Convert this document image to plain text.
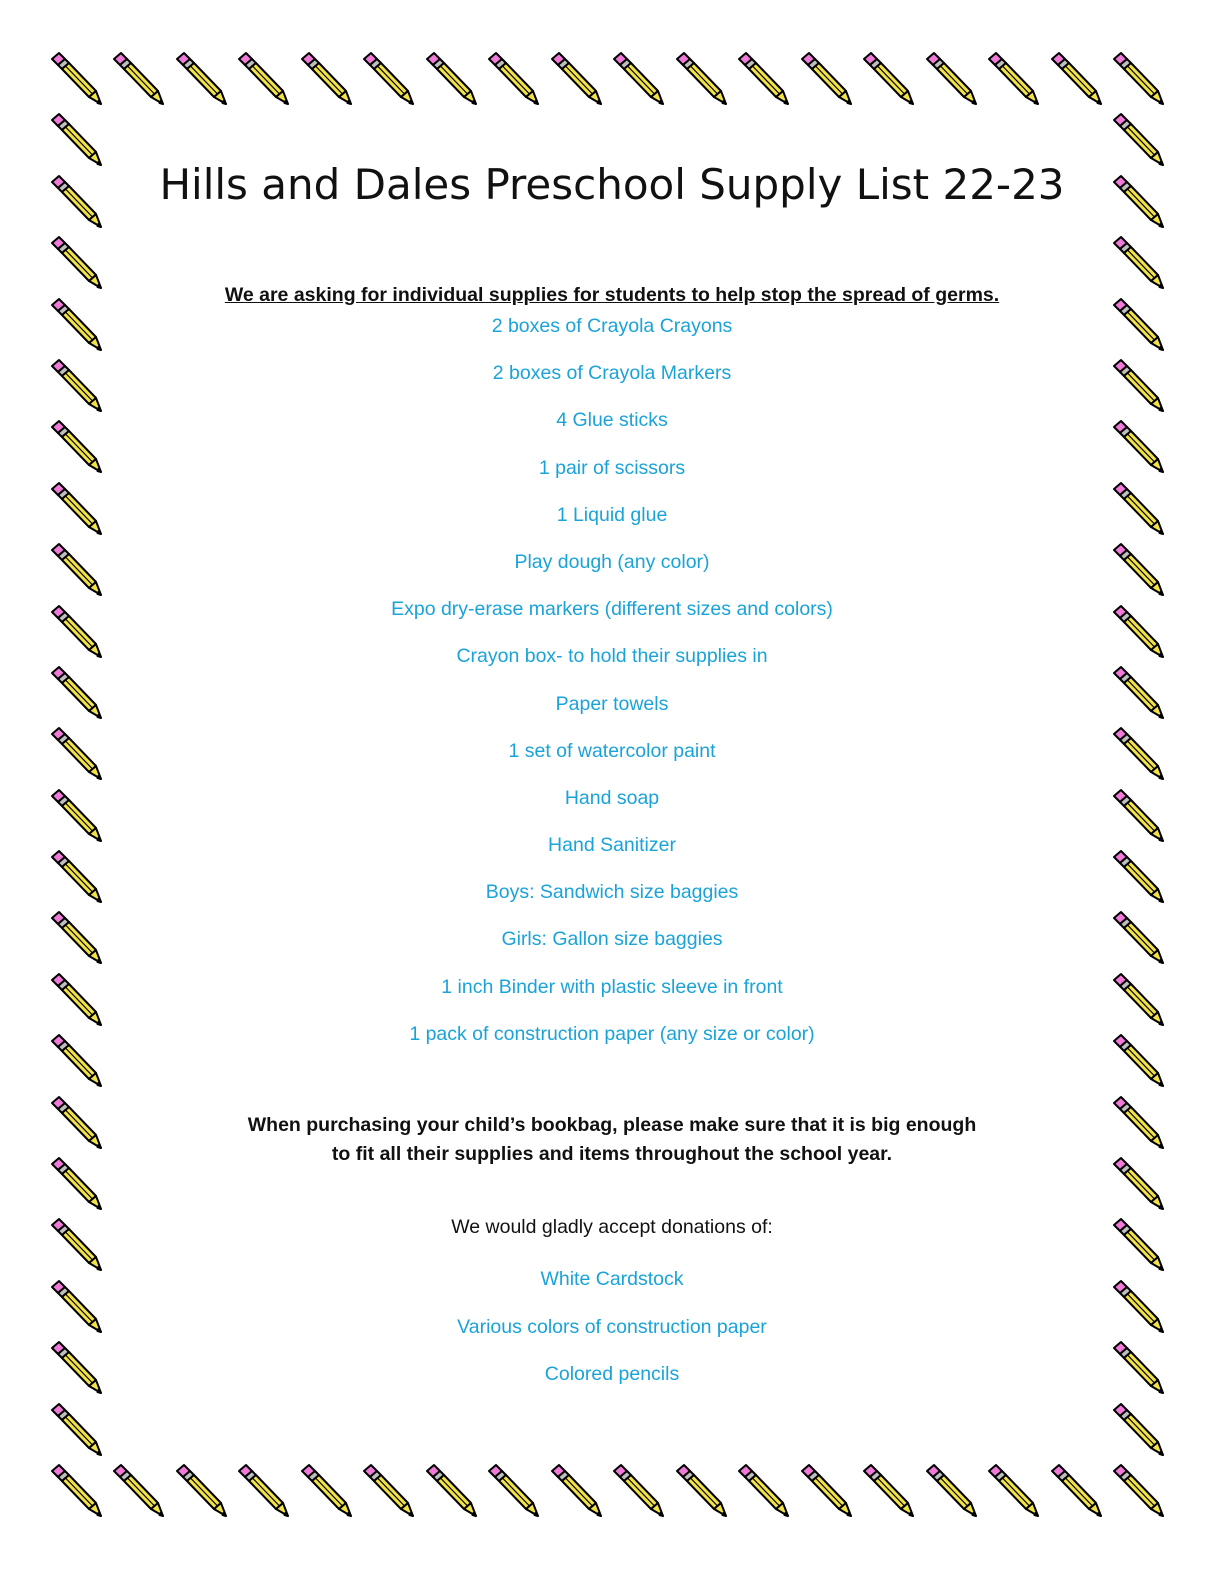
Hills and Dales Preschool Supply List 22-23
We are asking for individual supplies for students to help stop the spread of germs.
2 boxes of Crayola Crayons
2 boxes of Crayola Markers
4 Glue sticks
1 pair of scissors
1 Liquid glue
Play dough (any color)
Expo dry-erase markers (different sizes and colors)
Crayon box- to hold their supplies in
Paper towels
1 set of watercolor paint
Hand soap
Hand Sanitizer
Boys: Sandwich size baggies
Girls: Gallon size baggies
1 inch Binder with plastic sleeve in front
1 pack of construction paper (any size or color)
When purchasing your child’s bookbag, please make sure that it is big enough
to fit all their supplies and items throughout the school year.
We would gladly accept donations of:
White Cardstock
Various colors of construction paper
Colored pencils
